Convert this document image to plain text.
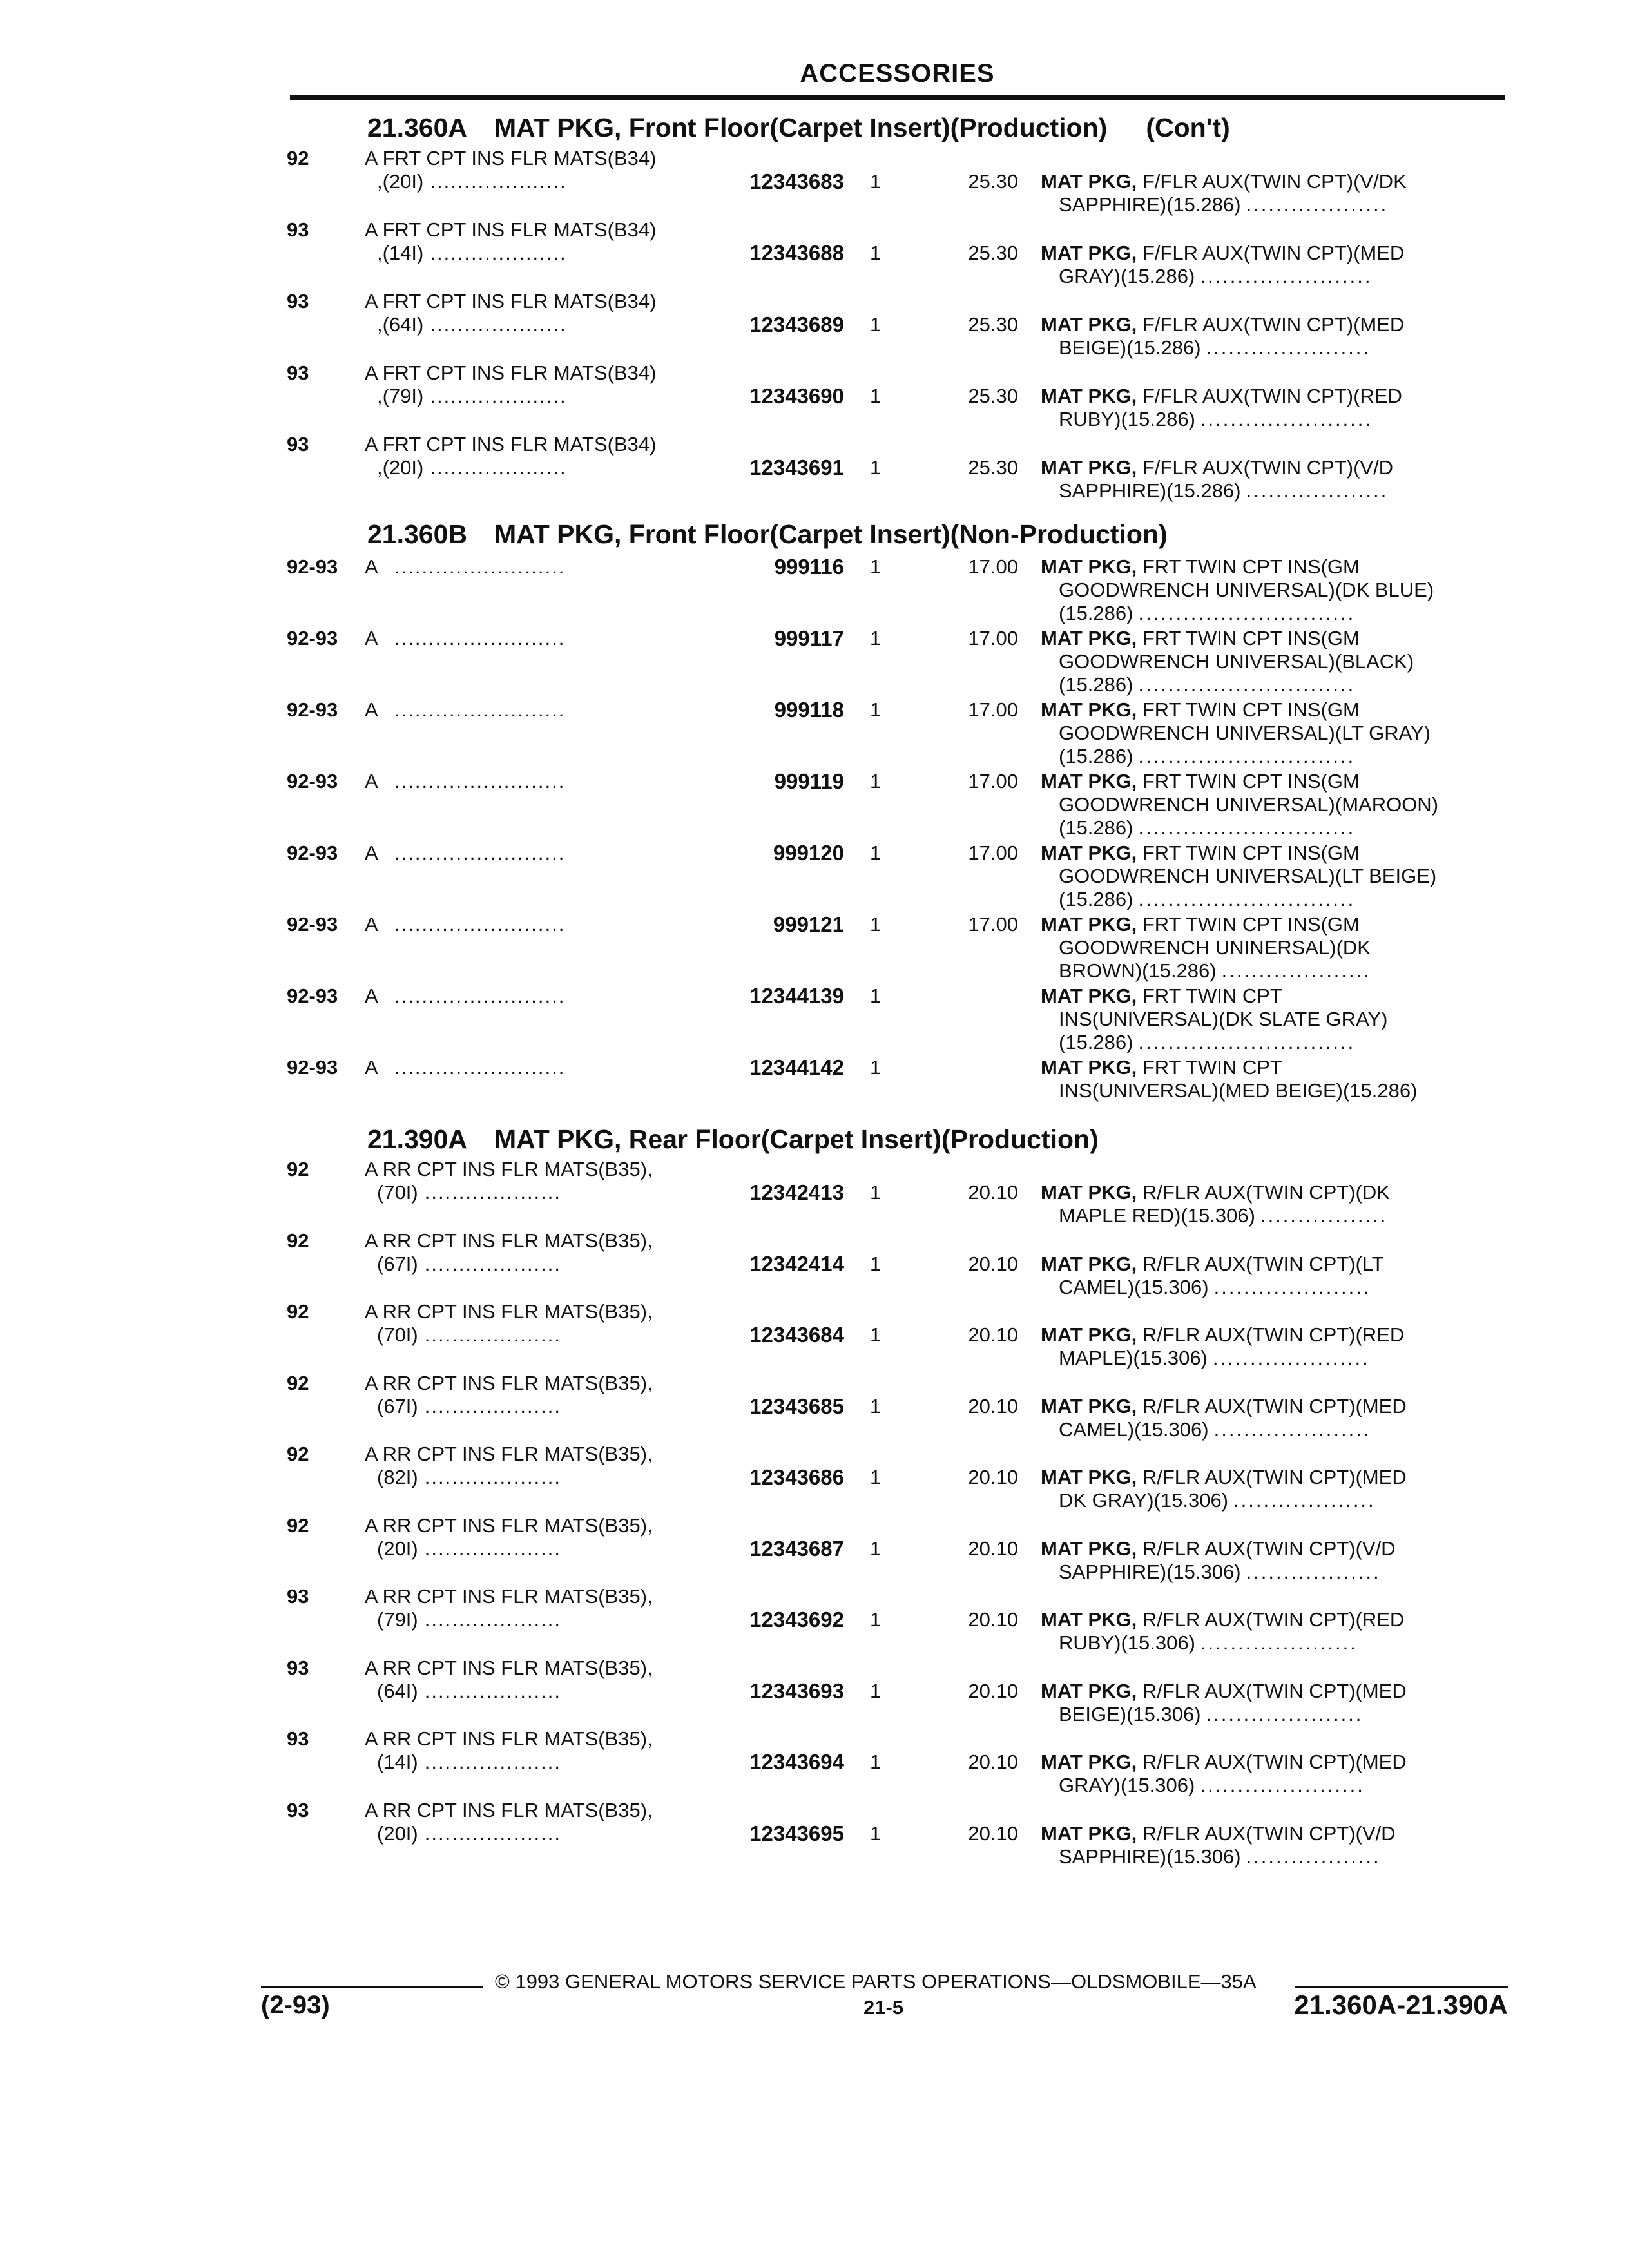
ACCESSORIES
21.360A MAT PKG, Front Floor(Carpet Insert)(Production) (Con't)
92	A FRT CPT INS FLR MATS(B34)
,(20I) ....................	12343683 1	25.30 MAT PKG, F/FLR AUX(TWIN CPT)(V/DK
SAPPHIRE)(15.286) ...................
93	A FRT CPT INS FLR MATS(B34)
,(14I) ....................	12343688 1	25.30 MAT PKG, F/FLR AUX(TWIN CPT)(MED
GRAY)(15.286) .......................
93	A FRT CPT INS FLR MATS(B34)
,(64I) ....................	12343689 1	25.30 MAT PKG, F/FLR AUX(TWIN CPT)(MED
BEIGE)(15.286) ......................
93	A FRT CPT INS FLR MATS(B34)
,(79I) ....................	12343690 1	25.30 MAT PKG, F/FLR AUX(TWIN CPT)(RED
RUBY)(15.286) .......................
93	A FRT CPT INS FLR MATS(B34)
,(20I) ....................	12343691 1	25.30 MAT PKG, F/FLR AUX(TWIN CPT)(V/D
SAPPHIRE)(15.286) ...................
21.360B MAT PKG, Front Floor(Carpet Insert)(Non-Production)
92-93 A .........................	999116 1	17.00 MAT PKG, FRT TWIN CPT INS(GM
GOODWRENCH UNIVERSAL)(DK BLUE)
(15.286) .............................
92-93 A .........................	999117 1	17.00 MAT PKG, FRT TWIN CPT INS(GM
GOODWRENCH UNIVERSAL)(BLACK)
(15.286) .............................
92-93 A .........................	999118 1	17.00 MAT PKG, FRT TWIN CPT INS(GM
GOODWRENCH UNIVERSAL)(LT GRAY)
(15.286) .............................
92-93 A .........................	999119 1	17.00 MAT PKG, FRT TWIN CPT INS(GM
GOODWRENCH UNIVERSAL)(MAROON)
(15.286) .............................
92-93 A .........................	999120 1	17.00 MAT PKG, FRT TWIN CPT INS(GM
GOODWRENCH UNIVERSAL)(LT BEIGE)
(15.286) .............................
92-93 A .........................	999121 1	17.00 MAT PKG, FRT TWIN CPT INS(GM
GOODWRENCH UNINERSAL)(DK
BROWN)(15.286) ....................
92-93 A .........................	12344139 1	MAT PKG, FRT TWIN CPT
INS(UNIVERSAL)(DK SLATE GRAY)
(15.286) .............................
92-93 A .........................	12344142 1	MAT PKG, FRT TWIN CPT
INS(UNIVERSAL)(MED BEIGE)(15.286)
21.390A MAT PKG, Rear Floor(Carpet Insert)(Production)
92	A RR CPT INS FLR MATS(B35),
(70I) ....................	12342413 1	20.10 MAT PKG, R/FLR AUX(TWIN CPT)(DK
MAPLE RED)(15.306) .................
92	A RR CPT INS FLR MATS(B35),
(67I) ....................	12342414 1	20.10 MAT PKG, R/FLR AUX(TWIN CPT)(LT
CAMEL)(15.306) .....................
92	A RR CPT INS FLR MATS(B35),
(70I) ....................	12343684 1	20.10 MAT PKG, R/FLR AUX(TWIN CPT)(RED
MAPLE)(15.306) .....................
92	A RR CPT INS FLR MATS(B35),
(67I) ....................	12343685 1	20.10 MAT PKG, R/FLR AUX(TWIN CPT)(MED
CAMEL)(15.306) .....................
92	A RR CPT INS FLR MATS(B35),
(82I) ....................	12343686 1	20.10 MAT PKG, R/FLR AUX(TWIN CPT)(MED
DK GRAY)(15.306) ...................
92	A RR CPT INS FLR MATS(B35),
(20I) ....................	12343687 1	20.10 MAT PKG, R/FLR AUX(TWIN CPT)(V/D
SAPPHIRE)(15.306) ..................
93	A RR CPT INS FLR MATS(B35),
(79I) ....................	12343692 1	20.10 MAT PKG, R/FLR AUX(TWIN CPT)(RED
RUBY)(15.306) .....................
93	A RR CPT INS FLR MATS(B35),
(64I) ....................	12343693 1	20.10 MAT PKG, R/FLR AUX(TWIN CPT)(MED
BEIGE)(15.306) .....................
93	A RR CPT INS FLR MATS(B35),
(14I) ....................	12343694 1	20.10 MAT PKG, R/FLR AUX(TWIN CPT)(MED
GRAY)(15.306) ......................
93	A RR CPT INS FLR MATS(B35),
(20I) ....................	12343695 1	20.10 MAT PKG, R/FLR AUX(TWIN CPT)(V/D
SAPPHIRE)(15.306) ..................
© 1993 GENERAL MOTORS SERVICE PARTS OPERATIONS—OLDSMOBILE—35A
(2-93)	21-5	21.360A-21.390A
